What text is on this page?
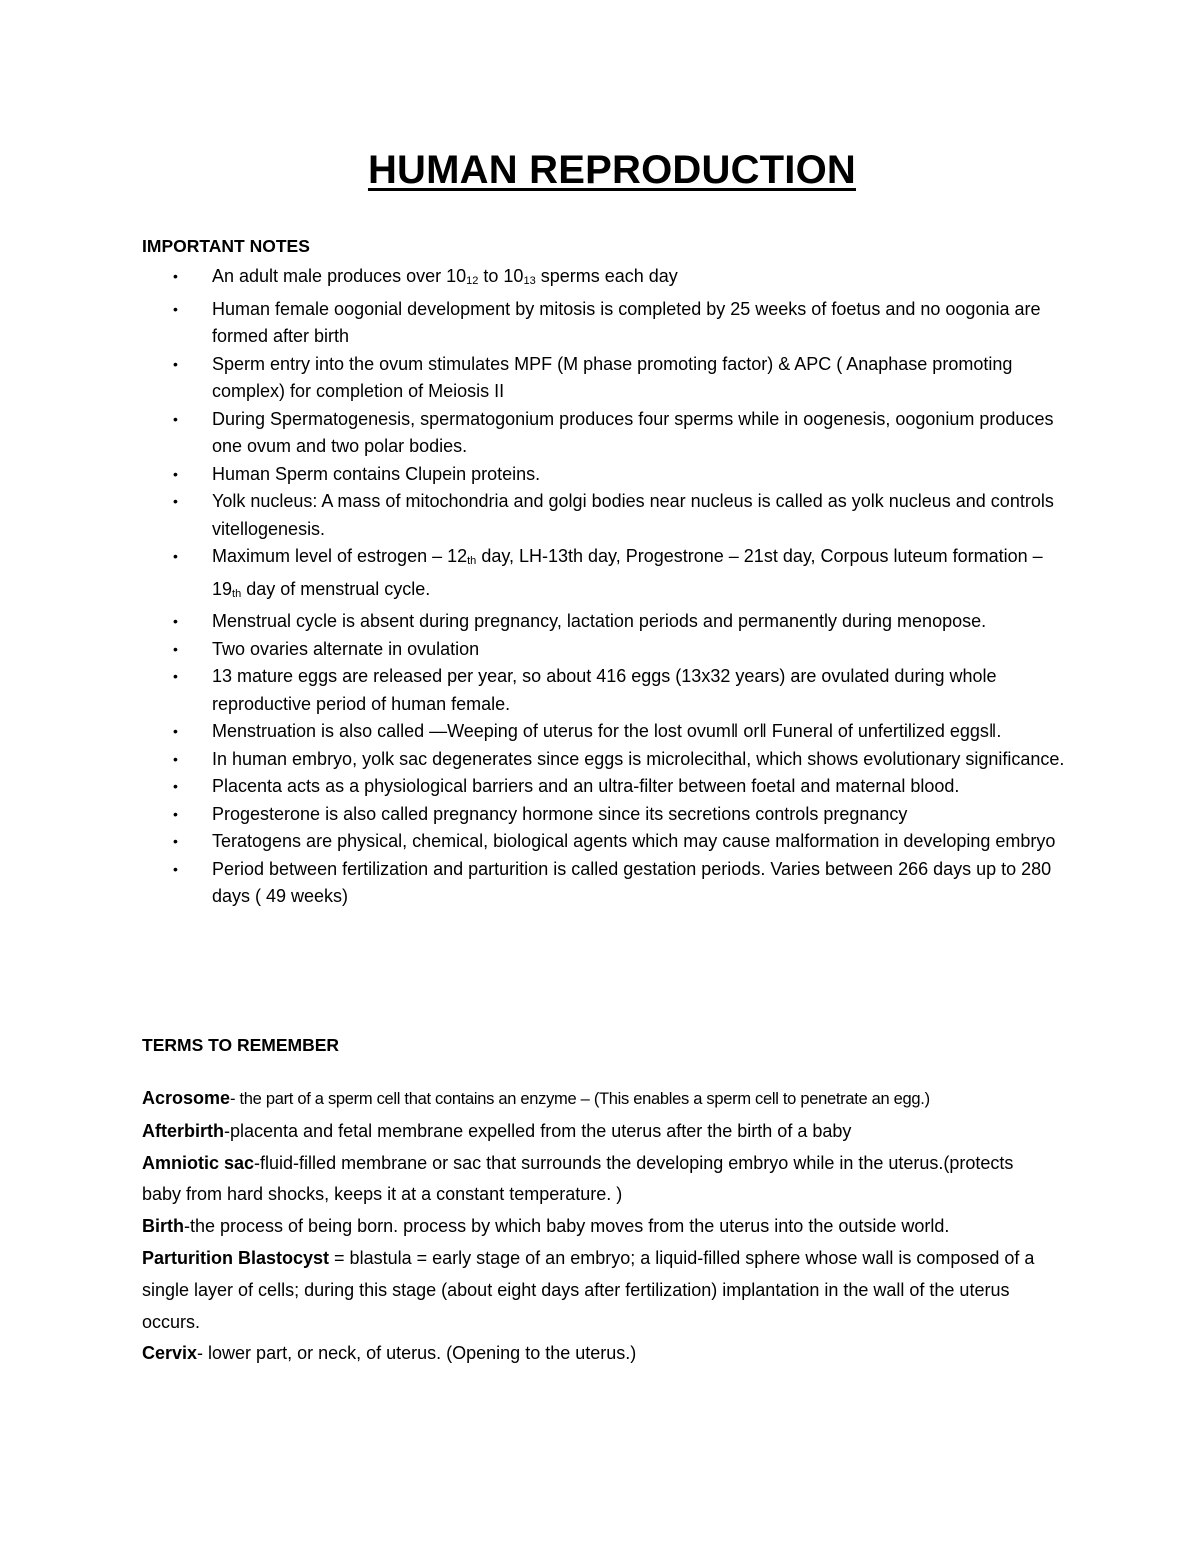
HUMAN REPRODUCTION
IMPORTANT NOTES
• An adult male produces over $10_{12}$ to $10_{13}$ sperms each day
• Human female oogonial development by mitosis is completed by 25 weeks of foetus and no oogonia are formed after birth
• Sperm entry into the ovum stimulates MPF (M phase promoting factor) & APC ( Anaphase promoting complex) for completion of Meiosis II
• During Spermatogenesis, spermatogonium produces four sperms while in oogenesis, oogonium produces one ovum and two polar bodies.
• Human Sperm contains Clupein proteins.
• Yolk nucleus: A mass of mitochondria and golgi bodies near nucleus is called as yolk nucleus and controls vitellogenesis.
• Maximum level of estrogen – $12_{th}$ day, LH-13th day, Progestrone – 21st day, Corpous luteum formation – $19_{th}$ day of menstrual cycle.
• Menstrual cycle is absent during pregnancy, lactation periods and permanently during menopose.
• Two ovaries alternate in ovulation
• 13 mature eggs are released per year, so about 416 eggs (13x32 years) are ovulated during whole reproductive period of human female.
• Menstruation is also called ―Weeping of uterus for the lost ovum‖ or‖ Funeral of unfertilized eggs‖.
• In human embryo, yolk sac degenerates since eggs is microlecithal, which shows evolutionary significance.
• Placenta acts as a physiological barriers and an ultra-filter between foetal and maternal blood.
• Progesterone is also called pregnancy hormone since its secretions controls pregnancy
• Teratogens are physical, chemical, biological agents which may cause malformation in developing embryo
• Period between fertilization and parturition is called gestation periods. Varies between 266 days up to 280 days ( 49 weeks)
TERMS TO REMEMBER

Acrosome- the part of a sperm cell that contains an enzyme – (This enables a sperm cell to penetrate an egg.)

Afterbirth-placenta and fetal membrane expelled from the uterus after the birth of a baby

Amniotic sac-fluid-filled membrane or sac that surrounds the developing embryo while in the uterus.(protects baby from hard shocks, keeps it at a constant temperature. )

Birth-the process of being born. process by which baby moves from the uterus into the outside world.

Parturition Blastocyst = blastula = early stage of an embryo; a liquid-filled sphere whose wall is composed of a single layer of cells; during this stage (about eight days after fertilization) implantation in the wall of the uterus occurs.

Cervix- lower part, or neck, of uterus. (Opening to the uterus.)
